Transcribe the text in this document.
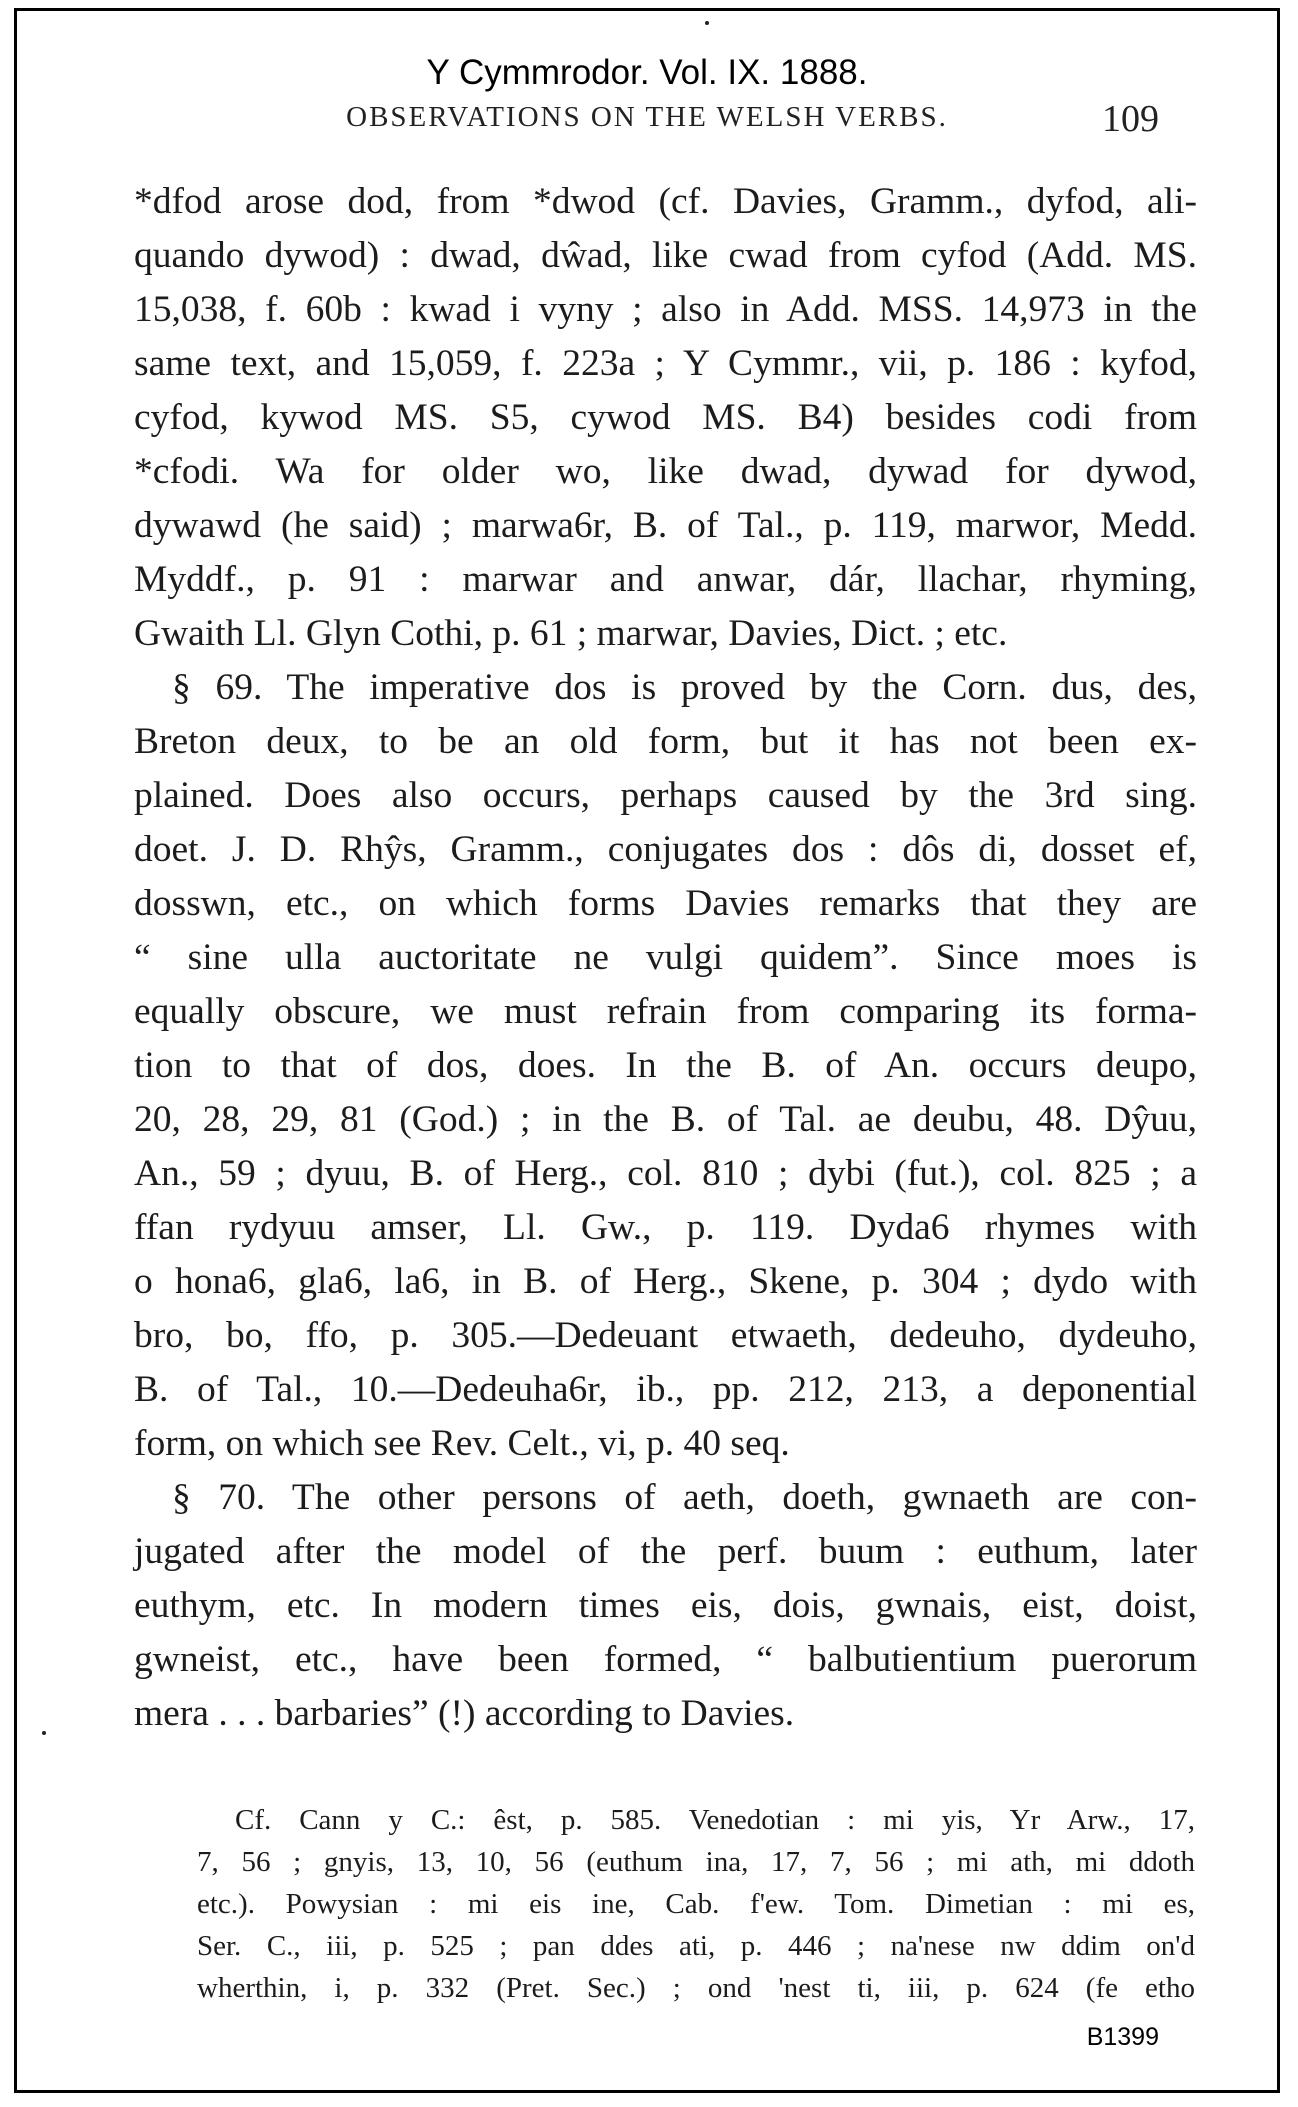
Y Cymmrodor. Vol. IX. 1888.
OBSERVATIONS ON THE WELSH VERBS.	109
*dfod arose dod, from *dwod (cf. Davies, Gramm., dyfod, ali-
quando dywod) : dwad, dŵad, like cwad from cyfod (Add. MS.
15,038, f. 60b : kwad i vyny ; also in Add. MSS. 14,973 in the
same text, and 15,059, f. 223a ; Y Cymmr., vii, p. 186 : kyfod,
cyfod, kywod MS. S5, cywod MS. B4) besides codi from
*cfodi. Wa for older wo, like dwad, dywad for dywod,
dywawd (he said) ; marwa6r, B. of Tal., p. 119, marwor, Medd.
Myddf., p. 91 : marwar and anwar, dár, llachar, rhyming,
Gwaith Ll. Glyn Cothi, p. 61 ; marwar, Davies, Dict. ; etc.
§ 69. The imperative dos is proved by the Corn. dus, des,
Breton deux, to be an old form, but it has not been ex-
plained. Does also occurs, perhaps caused by the 3rd sing.
doet. J. D. Rhŷs, Gramm., conjugates dos : dôs di, dosset ef,
dosswn, etc., on which forms Davies remarks that they are
“ sine ulla auctoritate ne vulgi quidem”. Since moes is
equally obscure, we must refrain from comparing its forma-
tion to that of dos, does. In the B. of An. occurs deupo,
20, 28, 29, 81 (God.) ; in the B. of Tal. ae deubu, 48. Dŷuu,
An., 59 ; dyuu, B. of Herg., col. 810 ; dybi (fut.), col. 825 ; a
ffan rydyuu amser, Ll. Gw., p. 119. Dyda6 rhymes with
o hona6, gla6, la6, in B. of Herg., Skene, p. 304 ; dydo with
bro, bo, ffo, p. 305.—Dedeuant etwaeth, dedeuho, dydeuho,
B. of Tal., 10.—Dedeuha6r, ib., pp. 212, 213, a deponential
form, on which see Rev. Celt., vi, p. 40 seq.
§ 70. The other persons of aeth, doeth, gwnaeth are con-
jugated after the model of the perf. buum : euthum, later
euthym, etc. In modern times eis, dois, gwnais, eist, doist,
gwneist, etc., have been formed, “ balbutientium puerorum
mera . . . barbaries” (!) according to Davies.
Cf. Cann y C.: êst, p. 585. Venedotian : mi yis, Yr Arw., 17,
7, 56 ; gnyis, 13, 10, 56 (euthum ina, 17, 7, 56 ; mi ath, mi ddoth
etc.). Powysian : mi eis ine, Cab. f'ew. Tom. Dimetian : mi es,
Ser. C., iii, p. 525 ; pan ddes ati, p. 446 ; na'nese nw ddim on'd
wherthin, i, p. 332 (Pret. Sec.) ; ond 'nest ti, iii, p. 624 (fe etho
B1399
